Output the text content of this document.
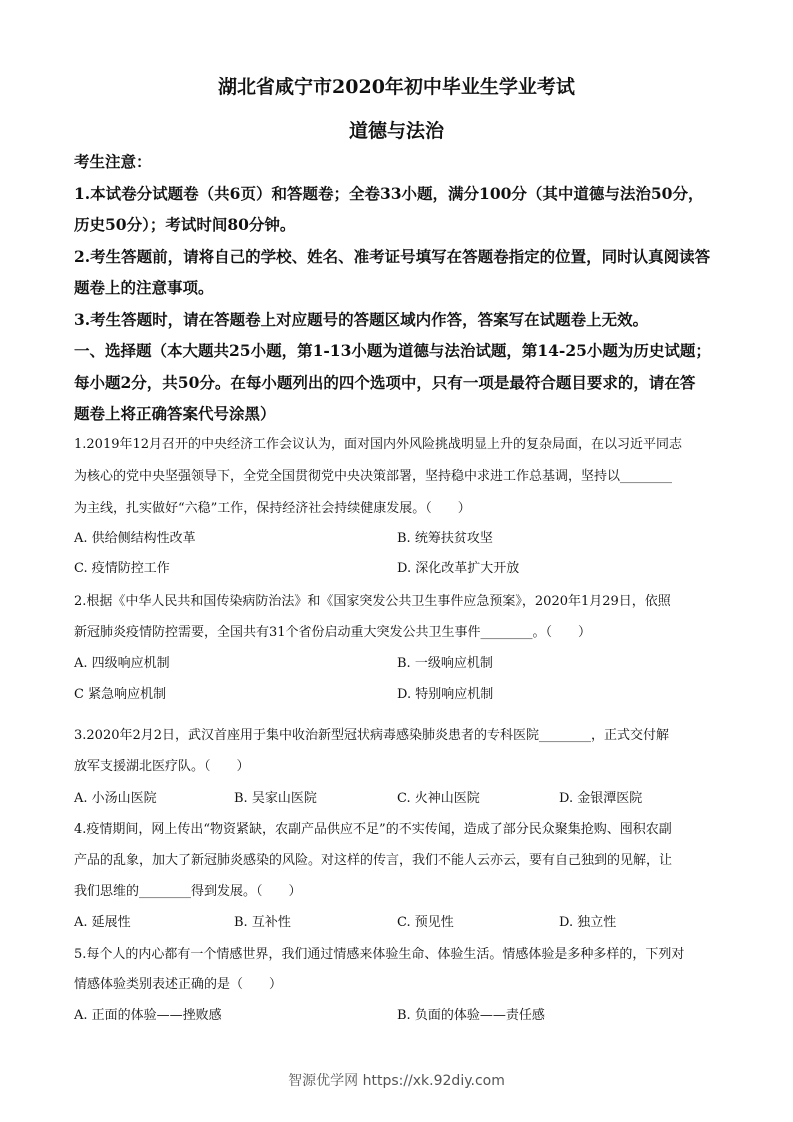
湖北省咸宁市2020年初中毕业生学业考试
道德与法治
考生注意：
1.本试卷分试题卷（共6页）和答题卷；全卷33小题，满分100分（其中道德与法治50分，
历史50分）；考试时间80分钟。
2.考生答题前，请将自己的学校、姓名、准考证号填写在答题卷指定的位置，同时认真阅读答
题卷上的注意事项。
3.考生答题时，请在答题卷上对应题号的答题区域内作答，答案写在试题卷上无效。
一、选择题（本大题共25小题，第1-13小题为道德与法治试题，第14-25小题为历史试题；
每小题2分，共50分。在每小题列出的四个选项中，只有一项是最符合题目要求的，请在答
题卷上将正确答案代号涂黑）
1.2019年12月召开的中央经济工作会议认为，面对国内外风险挑战明显上升的复杂局面，在以习近平同志
为核心的党中央坚强领导下，全党全国贯彻党中央决策部署，坚持稳中求进工作总基调，坚持以________
为主线，扎实做好“六稳”工作，保持经济社会持续健康发展。（　　）
A. 供给侧结构性改革	B. 统筹扶贫攻坚
C. 疫情防控工作	D. 深化改革扩大开放
2.根据《中华人民共和国传染病防治法》和《国家突发公共卫生事件应急预案》，2020年1月29日，依照
新冠肺炎疫情防控需要，全国共有31个省份启动重大突发公共卫生事件________。（　　）
A. 四级响应机制	B. 一级响应机制
C 紧急响应机制	D. 特别响应机制
3.2020年2月2日，武汉首座用于集中收治新型冠状病毒感染肺炎患者的专科医院________，正式交付解
放军支援湖北医疗队。（　　）
A. 小汤山医院	B. 吴家山医院	C. 火神山医院	D. 金银潭医院
4.疫情期间，网上传出“物资紧缺，农副产品供应不足”的不实传闻，造成了部分民众聚集抢购、囤积农副
产品的乱象，加大了新冠肺炎感染的风险。对这样的传言，我们不能人云亦云，要有自己独到的见解，让
我们思维的________得到发展。（　　）
A. 延展性	B. 互补性	C. 预见性	D. 独立性
5.每个人的内心都有一个情感世界，我们通过情感来体验生命、体验生活。情感体验是多种多样的，下列对
情感体验类别表述正确的是（　　）
A. 正面的体验——挫败感	B. 负面的体验——责任感
智源优学网 https://xk.92diy.com
